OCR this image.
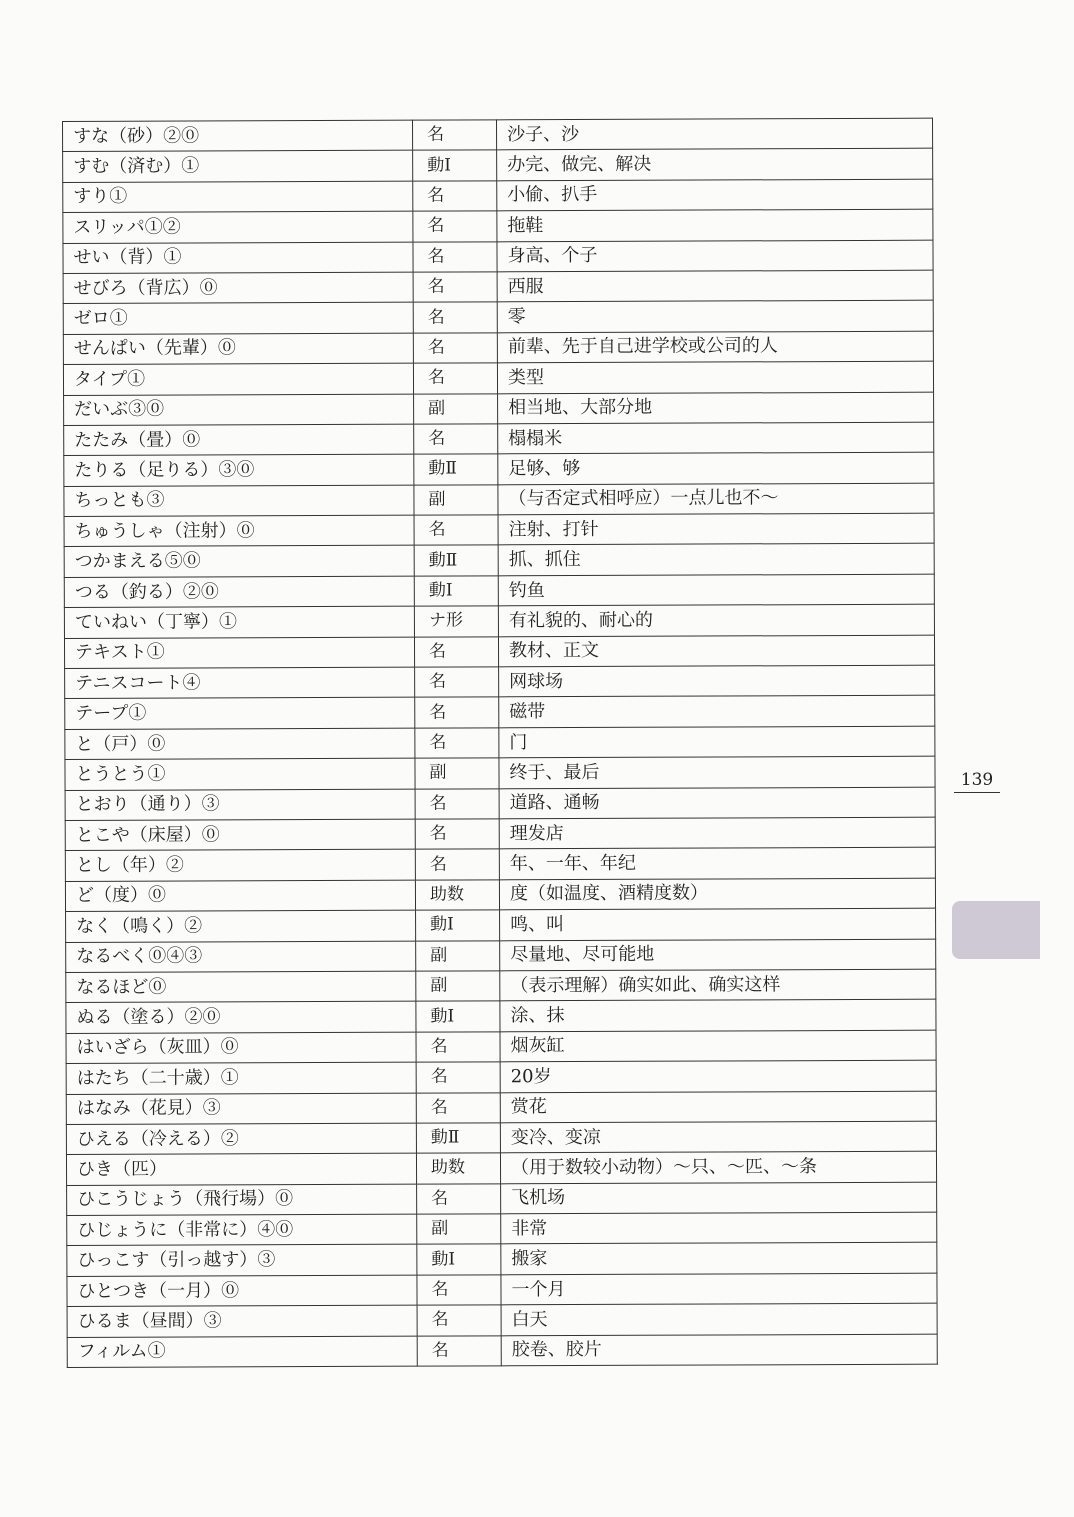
すな（砂）②⓪	名	沙子、沙
すむ（済む）①	動Ⅰ	办完、做完、解决
すり①	名	小偷、扒手
スリッパ①②	名	拖鞋
せい（背）①	名	身高、个子
せびろ（背広）⓪	名	西服
ゼロ①	名	零
せんぱい（先輩）⓪	名	前辈、先于自己进学校或公司的人
タイプ①	名	类型
だいぶ③⓪	副	相当地、大部分地
たたみ（畳）⓪	名	榻榻米
たりる（足りる）③⓪	動Ⅱ	足够、够
ちっとも③	副	（与否定式相呼应）一点儿也不～
ちゅうしゃ（注射）⓪	名	注射、打针
つかまえる⑤⓪	動Ⅱ	抓、抓住
つる（釣る）②⓪	動Ⅰ	钓鱼
ていねい（丁寧）①	ナ形	有礼貌的、耐心的
テキスト①	名	教材、正文
テニスコート④	名	网球场
テープ①	名	磁带
と（戸）⓪	名	门
とうとう①	副	终于、最后
とおり（通り）③	名	道路、通畅
とこや（床屋）⓪	名	理发店
とし（年）②	名	年、一年、年纪
ど（度）⓪	助数	度（如温度、酒精度数）
なく（鳴く）②	動Ⅰ	鸣、叫
なるべく⓪④③	副	尽量地、尽可能地
なるほど⓪	副	（表示理解）确实如此、确实这样
ぬる（塗る）②⓪	動Ⅰ	涂、抹
はいざら（灰皿）⓪	名	烟灰缸
はたち（二十歳）①	名	20岁
はなみ（花見）③	名	赏花
ひえる（冷える）②	動Ⅱ	变冷、变凉
ひき（匹）	助数	（用于数较小动物）～只、～匹、～条
ひこうじょう（飛行場）⓪	名	飞机场
ひじょうに（非常に）④⓪	副	非常
ひっこす（引っ越す）③	動Ⅰ	搬家
ひとつき（一月）⓪	名	一个月
ひるま（昼間）③	名	白天
フィルム①	名	胶卷、胶片
139
